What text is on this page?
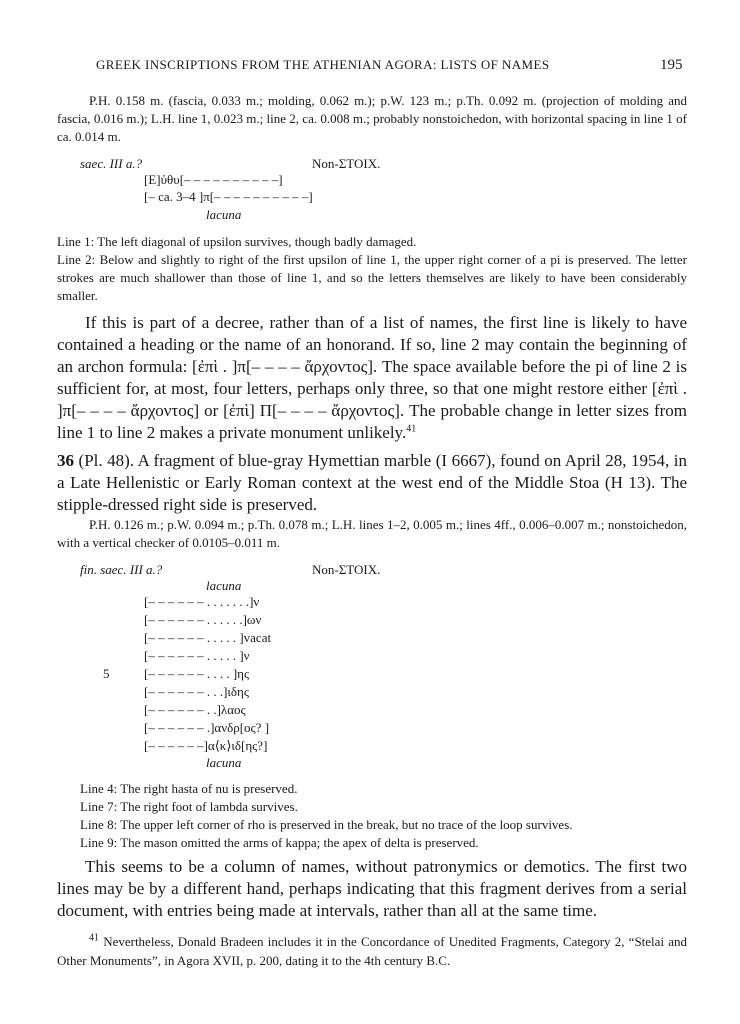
GREEK INSCRIPTIONS FROM THE ATHENIAN AGORA: LISTS OF NAMES	195
P.H. 0.158 m. (fascia, 0.033 m.; molding, 0.062 m.); p.W. 123 m.; p.Th. 0.092 m. (projection of molding and fascia, 0.016 m.); L.H. line 1, 0.023 m.; line 2, ca. 0.008 m.; probably nonstoichedon, with horizontal spacing in line 1 of ca. 0.014 m.
saec. III a.?	Non-ΣΤΟΙΧ.
[Ε]ὐθυ[– – – – – – – – – –]
[– ca. 3–4 ]π[– – – – – – – – – –]
lacuna
Line 1: The left diagonal of upsilon survives, though badly damaged.
Line 2: Below and slightly to right of the first upsilon of line 1, the upper right corner of a pi is preserved. The letter strokes are much shallower than those of line 1, and so the letters themselves are likely to have been considerably smaller.
If this is part of a decree, rather than of a list of names, the first line is likely to have contained a heading or the name of an honorand. If so, line 2 may contain the beginning of an archon formula: [ἐπὶ . ]π[– – – – ἄρχοντος]. The space available before the pi of line 2 is sufficient for, at most, four letters, perhaps only three, so that one might restore either [ἐπὶ . ]π[– – – – ἄρχοντος] or [ἐπὶ] Π[– – – – ἄρχοντος]. The probable change in letter sizes from line 1 to line 2 makes a private monument unlikely.$^{41}$
36 (Pl. 48). A fragment of blue-gray Hymettian marble (I 6667), found on April 28, 1954, in a Late Hellenistic or Early Roman context at the west end of the Middle Stoa (H 13). The stipple-dressed right side is preserved.
P.H. 0.126 m.; p.W. 0.094 m.; p.Th. 0.078 m.; L.H. lines 1–2, 0.005 m.; lines 4ff., 0.006–0.007 m.; nonstoichedon, with a vertical checker of 0.0105–0.011 m.
fin. saec. III a.?	Non-ΣΤΟΙΧ.
lacuna
[– – – – – – . . . . . . .]ν
[– – – – – – . . . . . .]ων
[– – – – – – . . . . . ]vacat
[– – – – – – . . . . . ]ν
5	[– – – – – – . . . . ]ης
[– – – – – – . . .]ιδης
[– – – – – – . .]λαος
[– – – – – – .]ανδρ[ος? ]
[– – – – – –]α⟨κ⟩ιδ[ης?]
lacuna
Line 4: The right hasta of nu is preserved.
Line 7: The right foot of lambda survives.
Line 8: The upper left corner of rho is preserved in the break, but no trace of the loop survives.
Line 9: The mason omitted the arms of kappa; the apex of delta is preserved.
This seems to be a column of names, without patronymics or demotics. The first two lines may be by a different hand, perhaps indicating that this fragment derives from a serial document, with entries being made at intervals, rather than all at the same time.
$^{41}$ Nevertheless, Donald Bradeen includes it in the Concordance of Unedited Fragments, Category 2, “Stelai and Other Monuments”, in Agora XVII, p. 200, dating it to the 4th century B.C.
